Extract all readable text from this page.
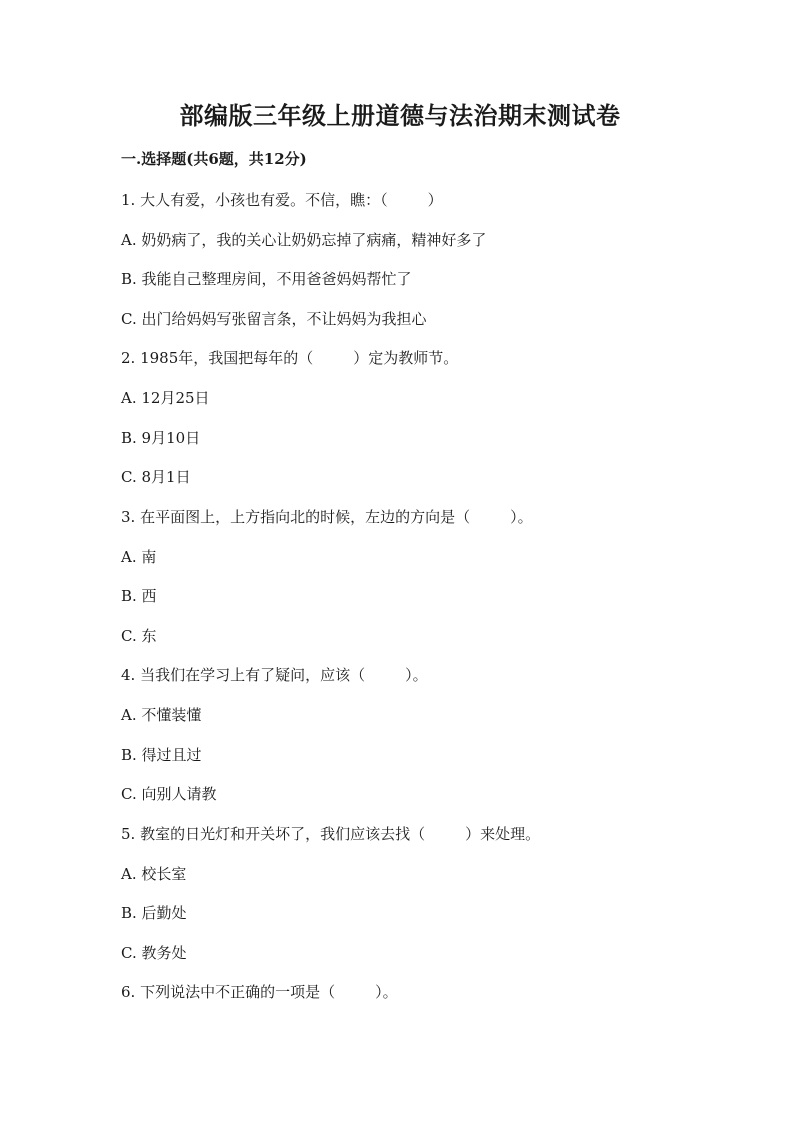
部编版三年级上册道德与法治期末测试卷
一.选择题(共6题，共12分)
1. 大人有爱，小孩也有爱。不信，瞧：（	）
A. 奶奶病了，我的关心让奶奶忘掉了病痛，精神好多了
B. 我能自己整理房间，不用爸爸妈妈帮忙了
C. 出门给妈妈写张留言条，不让妈妈为我担心
2. 1985年，我国把每年的（	）定为教师节。
A. 12月25日
B. 9月10日
C. 8月1日
3. 在平面图上，上方指向北的时候，左边的方向是（	）。
A. 南
B. 西
C. 东
4. 当我们在学习上有了疑问，应该（	）。
A. 不懂装懂
B. 得过且过
C. 向别人请教
5. 教室的日光灯和开关坏了，我们应该去找（	）来处理。
A. 校长室
B. 后勤处
C. 教务处
6. 下列说法中不正确的一项是（	）。
